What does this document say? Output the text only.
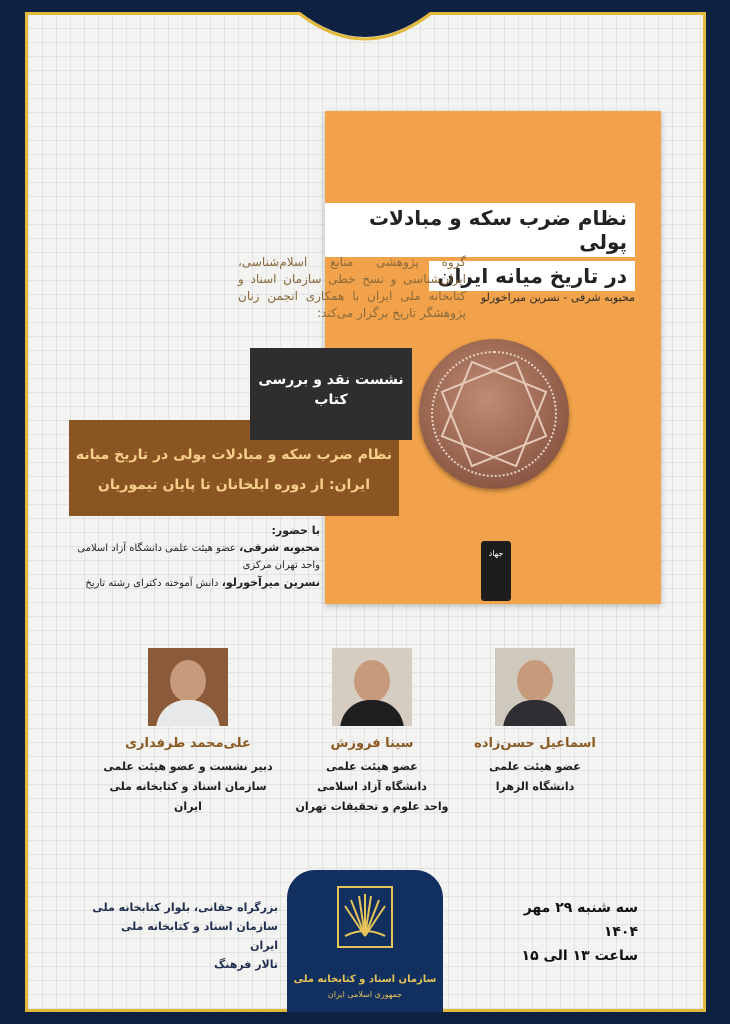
نظام ضرب سکه و مبادلات پولی
در تاریخ میانه ایران
محبوبه شرفی - نسرین میراخورلو
جهاد
گروه پژوهشی منابع اسلام‌شناسی، ایران‌شناسی و نسخ خطی سازمان اسناد و کتابخانه ملی ایران با همکاری انجمن زنان پژوهشگر تاریخ برگزار می‌کند:
نظام ضرب سکه و مبادلات پولی در تاریخ میانه
ایران: از دوره ایلخانان تا پایان تیموریان
نشست نقد و بررسی
کتاب
با حضور:
محبوبه شرفی، عضو هیئت علمی دانشگاه آزاد اسلامی
واحد تهران مرکزی
نسرین میرآخورلو، دانش آموخته دکترای رشته تاریخ
اسماعیل حسن‌زاده
عضو هیئت علمی
دانشگاه الزهرا
سینا فروزش
عضو هیئت علمی
دانشگاه آزاد اسلامی
واحد علوم و تحقیقات تهران
علی‌محمد طرفداری
دبیر نشست و عضو هیئت علمی
سازمان اسناد و کتابخانه ملی ایران
بزرگراه حقانی، بلوار کتابخانه ملی
سازمان اسناد و کتابخانه ملی ایران
تالار فرهنگ
سه شنبه ۲۹ مهر ۱۴۰۴
ساعت ۱۳ الی ۱۵
سازمان اسناد و کتابخانه ملی
جمهوری اسلامی ایران
